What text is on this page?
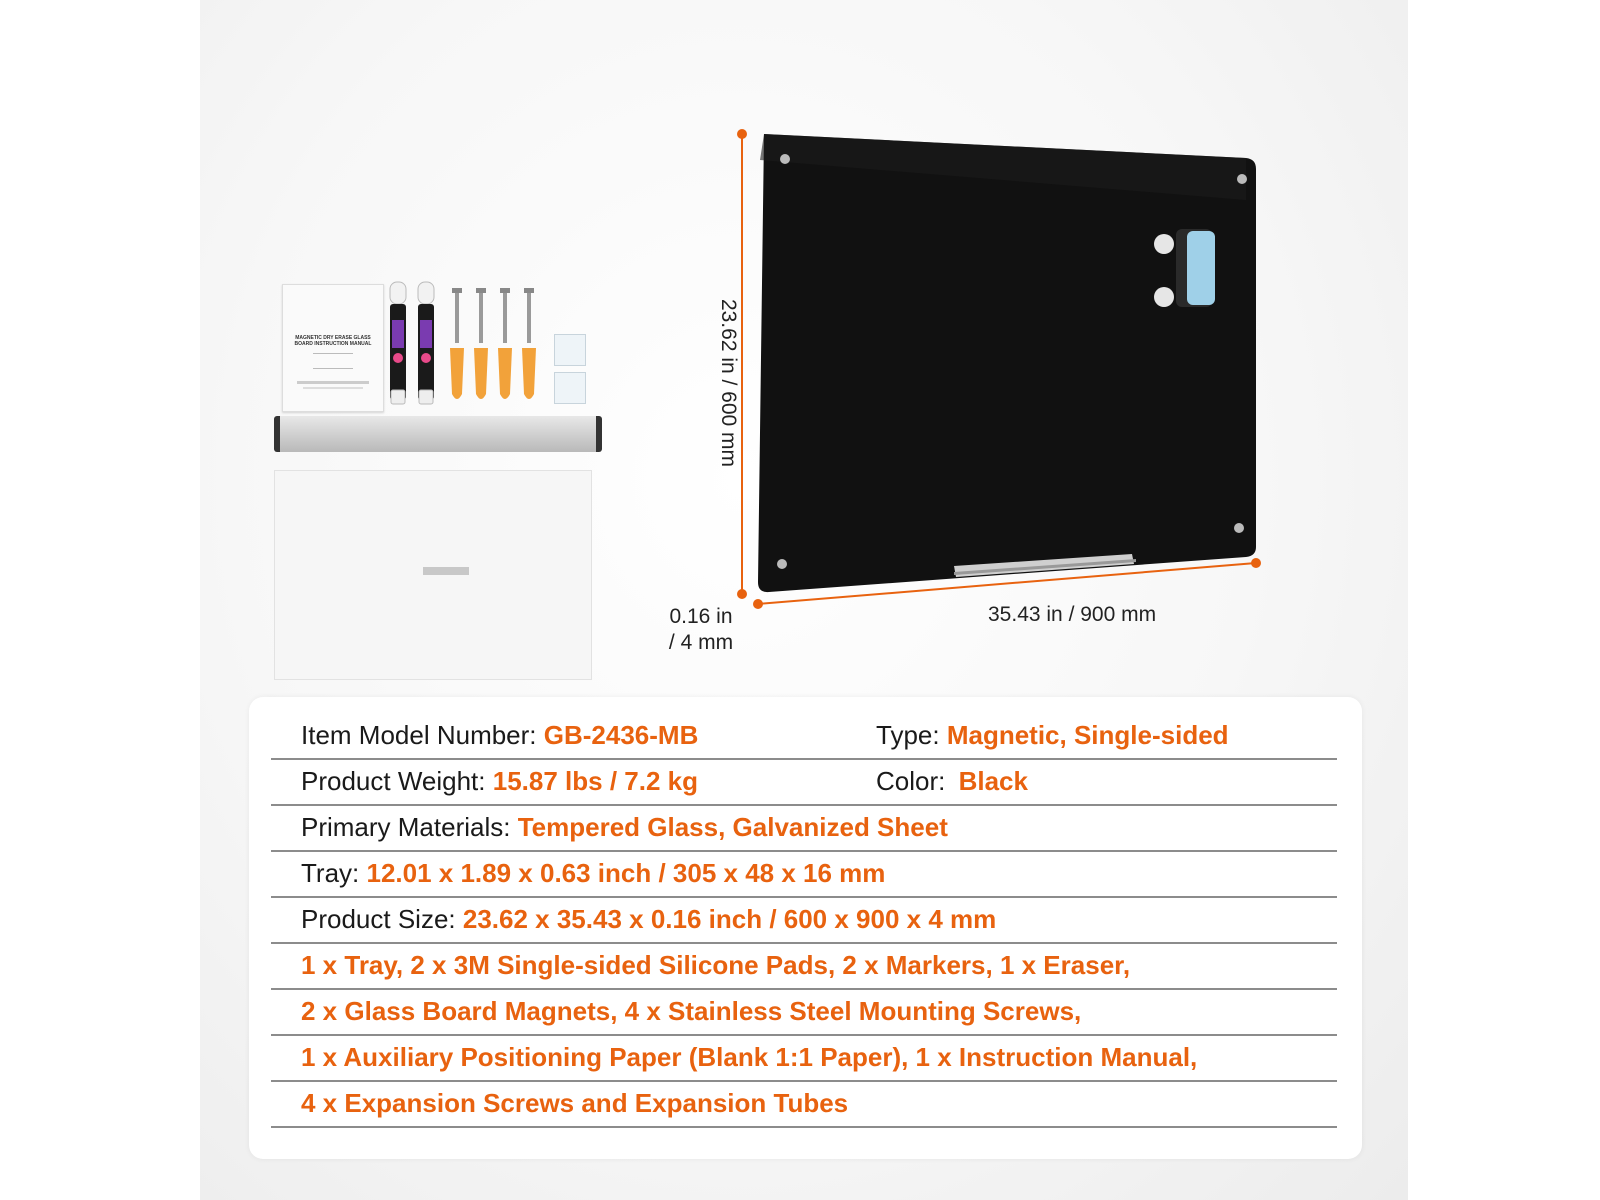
MAGNETIC DRY ERASE GLASS BOARD INSTRUCTION MANUAL	23.62 in / 600 mm
35.43 in / 900 mm
0.16 in
/ 4 mm
Item Model Number: GB-2436-MB	Type: Magnetic, Single-sided
Product Weight: 15.87 lbs / 7.2 kg	Color: Black
Primary Materials: Tempered Glass, Galvanized Sheet
Tray: 12.01 x 1.89 x 0.63 inch / 305 x 48 x 16 mm
Product Size: 23.62 x 35.43 x 0.16 inch / 600 x 900 x 4 mm
1 x Tray, 2 x 3M Single-sided Silicone Pads, 2 x Markers, 1 x Eraser,
2 x Glass Board Magnets, 4 x Stainless Steel Mounting Screws,
1 x Auxiliary Positioning Paper (Blank 1:1 Paper), 1 x Instruction Manual,
4 x Expansion Screws and Expansion Tubes
